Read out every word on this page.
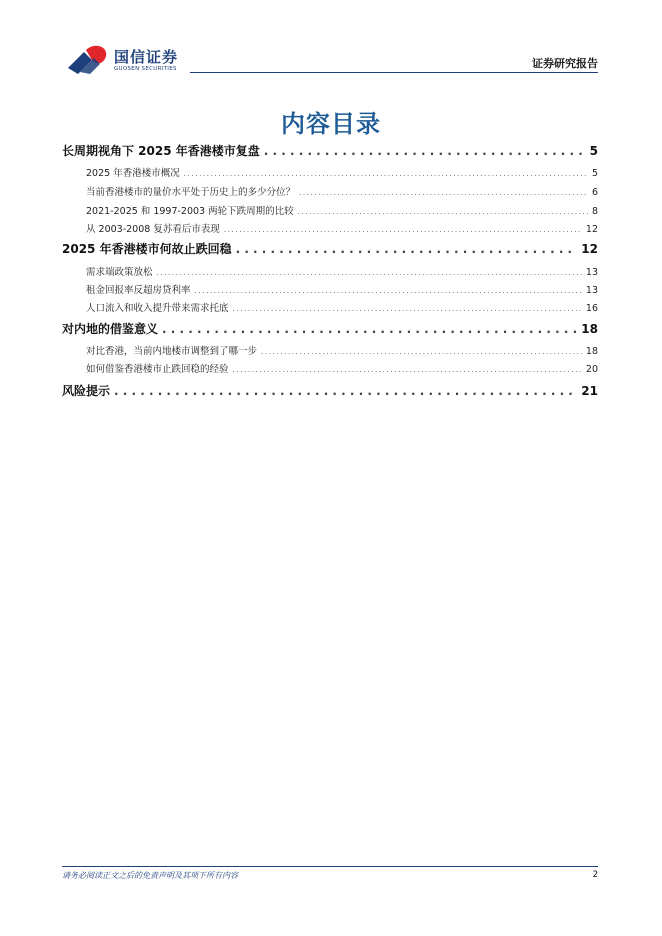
国信证券
GUOSEN SECURITIES	证券研究报告
内容目录
长周期视角下 2025 年香港楼市复盘 . . .	5
2025 年香港楼市概况 . . .	5
当前香港楼市的量价水平处于历史上的多少分位？ . . .	6
2021-2025 和 1997-2003 两轮下跌周期的比较 . . .	8
从 2003-2008 复苏看后市表现 . . .	12
2025 年香港楼市何故止跌回稳 . . .	12
需求端政策放松 . . .	13
租金回报率反超房贷利率 . . .	13
人口流入和收入提升带来需求托底 . . .	16
对内地的借鉴意义 . . .	18
对比香港，当前内地楼市调整到了哪一步 . . .	18
如何借鉴香港楼市止跌回稳的经验 . . .	20
风险提示 . . .	21
请务必阅读正文之后的免责声明及其项下所有内容	2
